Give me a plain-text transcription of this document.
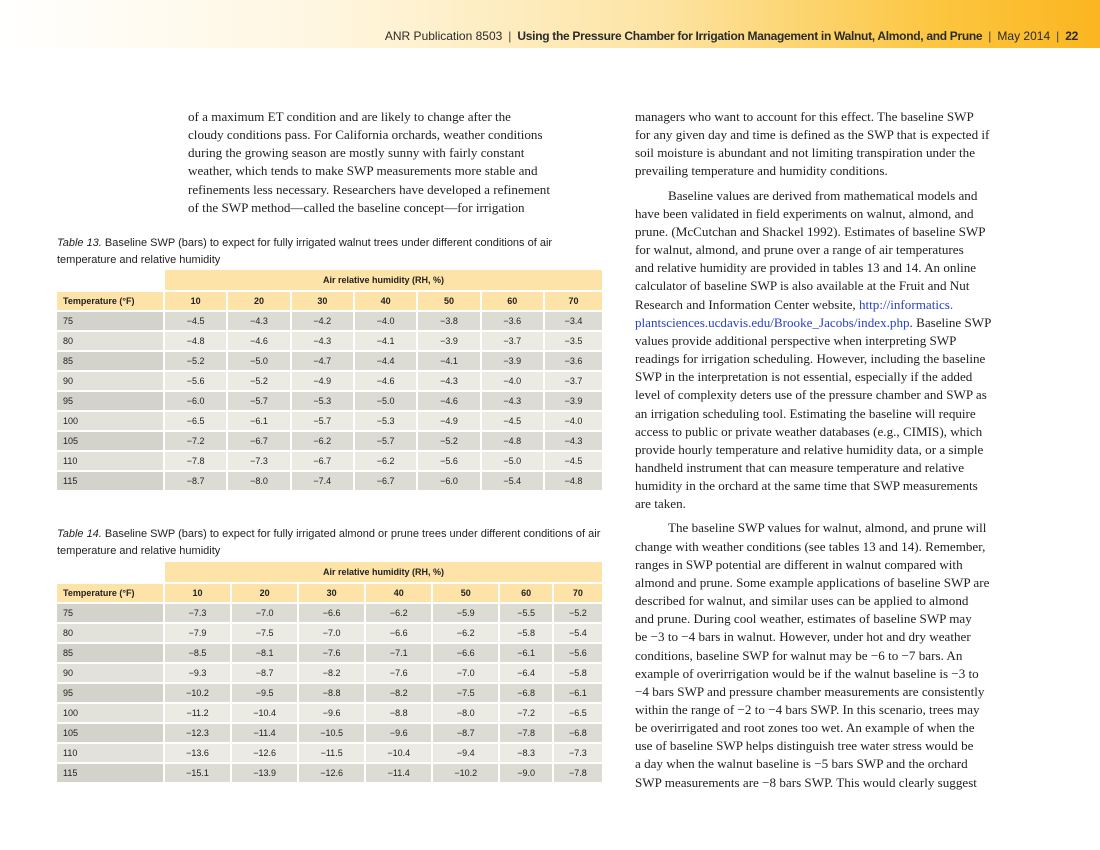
ANR Publication 8503 | Using the Pressure Chamber for Irrigation Management in Walnut, Almond, and Prune | May 2014 | 22
of a maximum ET condition and are likely to change after the
cloudy conditions pass. For California orchards, weather conditions
during the growing season are mostly sunny with fairly constant
weather, which tends to make SWP measurements more stable and
refinements less necessary. Researchers have developed a refinement
of the SWP method—called the baseline concept—for irrigation
Table 13. Baseline SWP (bars) to expect for fully irrigated walnut trees under different conditions of air temperature and relative humidity
	Air relative humidity (RH, %)						
Temperature (°F)	10	20	30	40	50	60	70
75	−4.5	−4.3	−4.2	−4.0	−3.8	−3.6	−3.4
80	−4.8	−4.6	−4.3	−4.1	−3.9	−3.7	−3.5
85	−5.2	−5.0	−4.7	−4.4	−4.1	−3.9	−3.6
90	−5.6	−5.2	−4.9	−4.6	−4.3	−4.0	−3.7
95	−6.0	−5.7	−5.3	−5.0	−4.6	−4.3	−3.9
100	−6.5	−6.1	−5.7	−5.3	−4.9	−4.5	−4.0
105	−7.2	−6.7	−6.2	−5.7	−5.2	−4.8	−4.3
110	−7.8	−7.3	−6.7	−6.2	−5.6	−5.0	−4.5
115	−8.7	−8.0	−7.4	−6.7	−6.0	−5.4	−4.8
Table 14. Baseline SWP (bars) to expect for fully irrigated almond or prune trees under different conditions of air temperature and relative humidity
	Air relative humidity (RH, %)						
Temperature (°F)	10	20	30	40	50	60	70
75	−7.3	−7.0	−6.6	−6.2	−5.9	−5.5	−5.2
80	−7.9	−7.5	−7.0	−6.6	−6.2	−5.8	−5.4
85	−8.5	−8.1	−7.6	−7.1	−6.6	−6.1	−5.6
90	−9.3	−8.7	−8.2	−7.6	−7.0	−6.4	−5.8
95	−10.2	−9.5	−8.8	−8.2	−7.5	−6.8	−6.1
100	−11.2	−10.4	−9.6	−8.8	−8.0	−7.2	−6.5
105	−12.3	−11.4	−10.5	−9.6	−8.7	−7.8	−6.8
110	−13.6	−12.6	−11.5	−10.4	−9.4	−8.3	−7.3
115	−15.1	−13.9	−12.6	−11.4	−10.2	−9.0	−7.8

managers who want to account for this effect. The baseline SWP
for any given day and time is defined as the SWP that is expected if
soil moisture is abundant and not limiting transpiration under the
prevailing temperature and humidity conditions.

Baseline values are derived from mathematical models and
have been validated in field experiments on walnut, almond, and
prune. (McCutchan and Shackel 1992). Estimates of baseline SWP
for walnut, almond, and prune over a range of air temperatures
and relative humidity are provided in tables 13 and 14. An online
calculator of baseline SWP is also available at the Fruit and Nut
Research and Information Center website, http://informatics.
plantsciences.ucdavis.edu/Brooke_Jacobs/index.php. Baseline SWP
values provide additional perspective when interpreting SWP
readings for irrigation scheduling. However, including the baseline
SWP in the interpretation is not essential, especially if the added
level of complexity deters use of the pressure chamber and SWP as
an irrigation scheduling tool. Estimating the baseline will require
access to public or private weather databases (e.g., CIMIS), which
provide hourly temperature and relative humidity data, or a simple
handheld instrument that can measure temperature and relative
humidity in the orchard at the same time that SWP measurements
are taken.

The baseline SWP values for walnut, almond, and prune will
change with weather conditions (see tables 13 and 14). Remember,
ranges in SWP potential are different in walnut compared with
almond and prune. Some example applications of baseline SWP are
described for walnut, and similar uses can be applied to almond
and prune. During cool weather, estimates of baseline SWP may
be −3 to −4 bars in walnut. However, under hot and dry weather
conditions, baseline SWP for walnut may be −6 to −7 bars. An
example of overirrigation would be if the walnut baseline is −3 to
−4 bars SWP and pressure chamber measurements are consistently
within the range of −2 to −4 bars SWP. In this scenario, trees may
be overirrigated and root zones too wet. An example of when the
use of baseline SWP helps distinguish tree water stress would be
a day when the walnut baseline is −5 bars SWP and the orchard
SWP measurements are −8 bars SWP. This would clearly suggest
